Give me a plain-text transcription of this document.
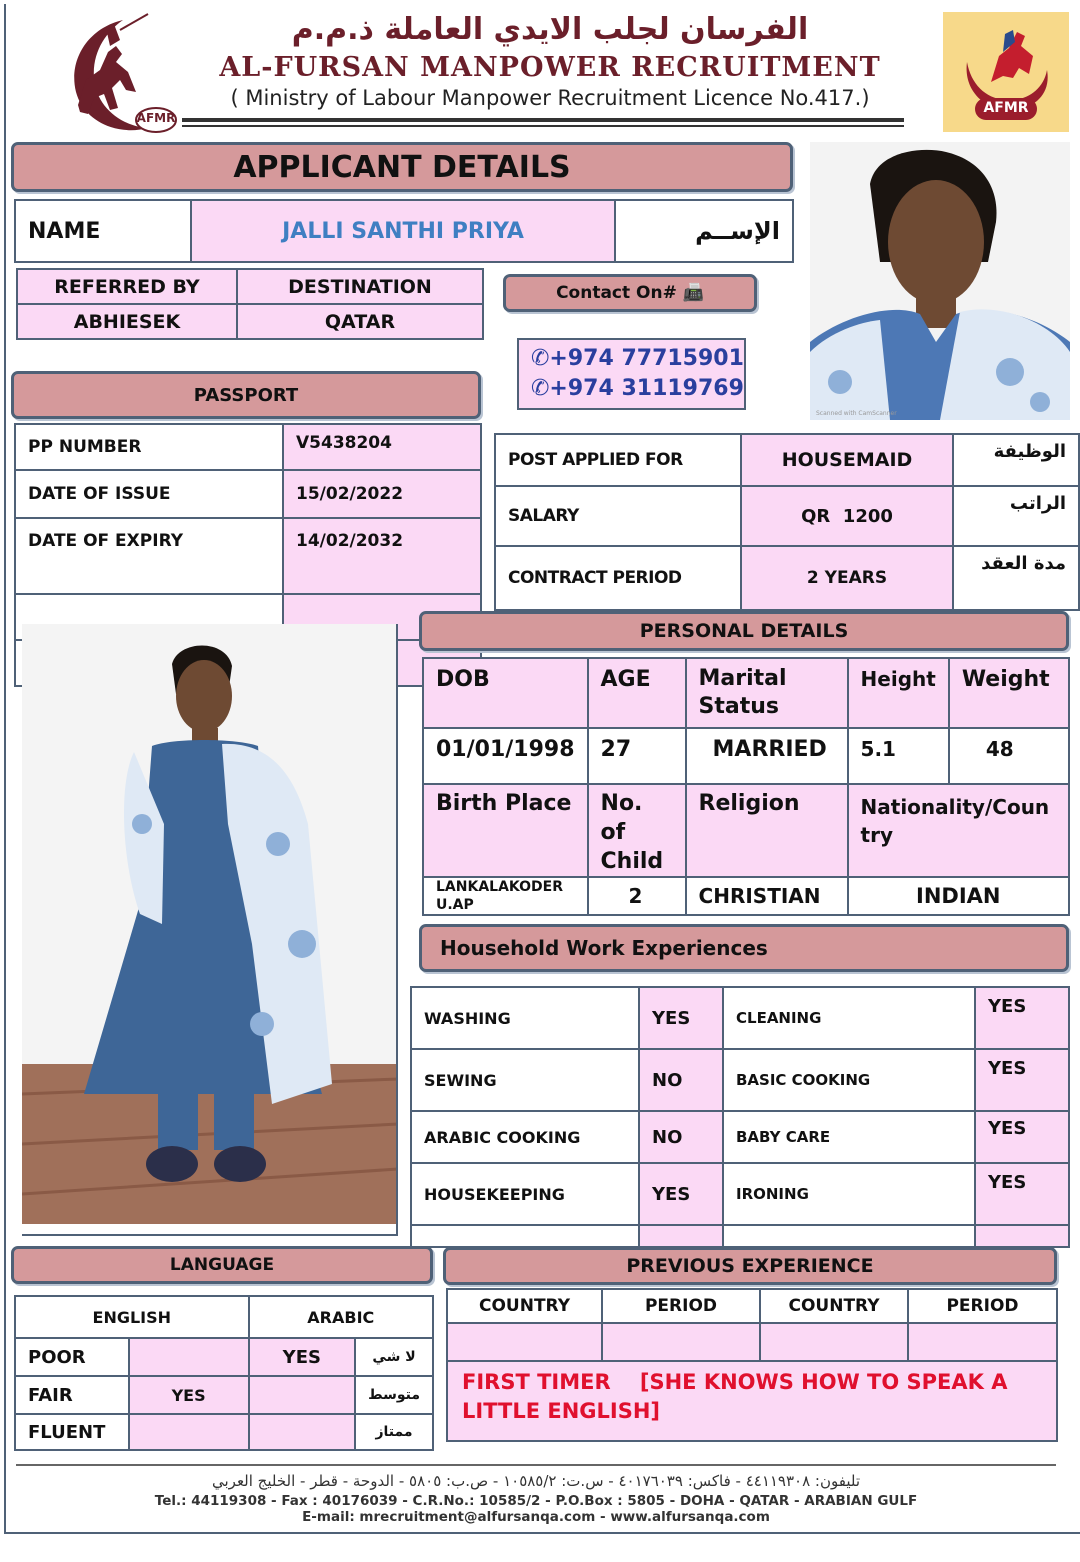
AFMR
الفرسان لجلب الايدي العاملة ذ.م.م
AL-FURSAN MANPOWER RECRUITMENT
( Ministry of Labour Manpower Recruitment Licence No.417.)	AFMR
APPLICANT DETAILS
NAME	JALLI SANTHI PRIYA	الإســم
REFERRED BY	DESTINATION
ABHIESEK	QATAR
Contact On# 📠
✆+974 77715901
✆+974 31119769
Scanned with CamScanner
PASSPORT
PP NUMBER	V5438204
DATE OF ISSUE	15/02/2022
DATE OF EXPIRY	14/02/2032

POST APPLIED FOR	HOUSEMAID	الوظيفة
SALARY	QR  1200	الراتب
CONTRACT PERIOD	2 YEARS	مدة العقد
PERSONAL DETAILS
DOB	AGE	Marital Status	Height	Weight
01/01/1998	27	MARRIED	5.1	48
Birth Place	No. of Child	Religion	Nationality/Country	
LANKALAKODERU.AP	2	CHRISTIAN	INDIAN	
Household Work Experiences
WASHING	YES	CLEANING	YES
SEWING	NO	BASIC COOKING	YES
ARABIC COOKING	NO	BABY CARE	YES
HOUSEKEEPING	YES	IRONING	YES

LANGUAGE
ENGLISH		ARABIC	
POOR		YES	لا شي
FAIR	YES		متوسط
FLUENT			ممتاز
PREVIOUS EXPERIENCE
COUNTRY	PERIOD	COUNTRY	PERIOD

FIRST TIMER    [SHE KNOWS HOW TO SPEAK A LITTLE ENGLISH]			
تليفون: ٤٤١١٩٣٠٨ - فاكس: ٤٠١٧٦٠٣٩ - س.ت: ١٠٥٨٥/٢ - ص.ب: ٥٨٠٥ - الدوحة - قطر - الخليج العربي
Tel.: 44119308 - Fax : 40176039 - C.R.No.: 10585/2 - P.O.Box : 5805 - DOHA - QATAR - ARABIAN GULF
E-mail: mrecruitment@alfursanqa.com - www.alfursanqa.com
